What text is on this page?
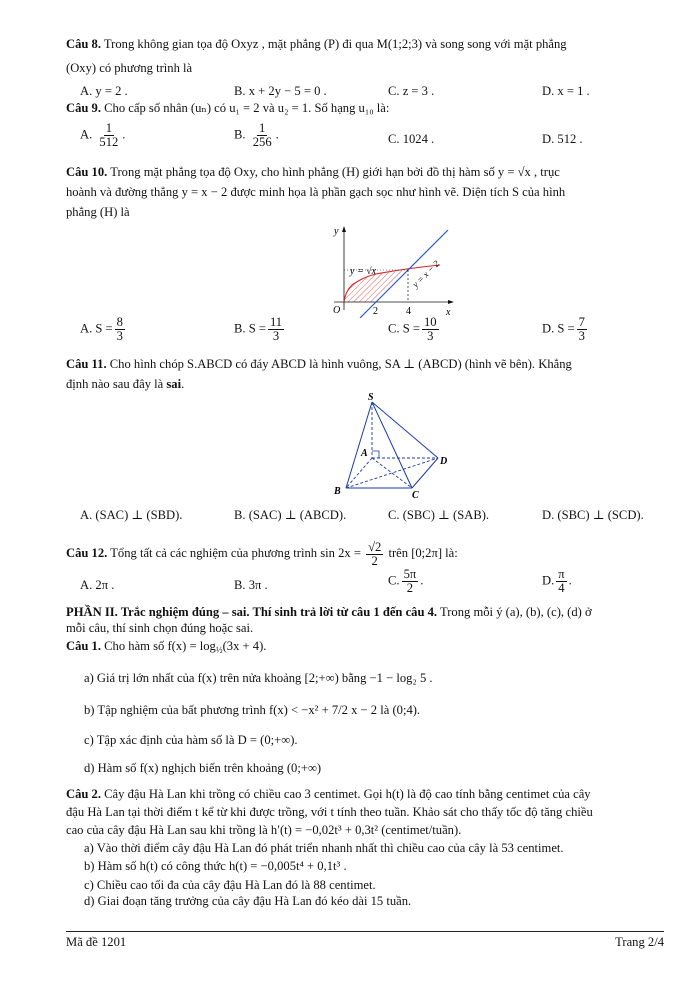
Câu 8. Trong không gian tọa độ Oxyz , mặt phẳng (P) đi qua M(1;2;3) và song song với mặt phẳng
(Oxy) có phương trình là
A. y = 2 .	B. x + 2y − 5 = 0 .	C. z = 3 .	D. x = 1 .
Câu 9. Cho cấp số nhân (uₙ) có u₁ = 2 và u₂ = 1. Số hạng u₁₀ là:
A. $\frac{1}{512}$ .	B. $\frac{1}{256}$ .	C. 1024 .	D. 512 .
Câu 10. Trong mặt phẳng tọa độ Oxy, cho hình phẳng (H) giới hạn bởi đồ thị hàm số y = √x , trục
hoành và đường thẳng y = x − 2 được minh họa là phần gạch sọc như hình vẽ. Diện tích S của hình
phẳng (H) là
y
x
O	2	4
y = √x	y = x − 2
A. $S = \frac{8}{3}$	B. $S = \frac{11}{3}$	C. $S = \frac{10}{3}$	D. $S = \frac{7}{3}$
Câu 11. Cho hình chóp S.ABCD có đáy ABCD là hình vuông, SA ⊥ (ABCD) (hình vẽ bên). Khẳng
định nào sau đây là sai.
S
A
B	C
D
A. (SAC) ⊥ (SBD).	B. (SAC) ⊥ (ABCD).	C. (SBC) ⊥ (SAB).	D. (SBC) ⊥ (SCD).
Câu 12. Tổng tất cả các nghiệm của phương trình $\sin 2x = \frac{√2}{2}$ trên [0;2π] là:
A. 2π .	B. 3π .	C. $\frac{5\pi}{2}$ .	D. $\frac{\pi}{4}$ .
PHẦN II. Trắc nghiệm đúng – sai. Thí sinh trả lời từ câu 1 đến câu 4. Trong mỗi ý (a), (b), (c), (d) ở
mỗi câu, thí sinh chọn đúng hoặc sai.
Câu 1. Cho hàm số $f(x) = \log_{\frac{1}{2}}(3x + 4)$.
a) Giá trị lớn nhất của f(x) trên nửa khoảng [2;+∞) bằng −1 − log₂ 5 .
b) Tập nghiệm của bất phương trình f(x) < −x² + 7/2 x − 2 là (0;4).
c) Tập xác định của hàm số là D = (0;+∞).
d) Hàm số f(x) nghịch biến trên khoảng (0;+∞)
Câu 2. Cây đậu Hà Lan khi trồng có chiều cao 3 centimet. Gọi h(t) là độ cao tính bằng centimet của cây
đậu Hà Lan tại thời điểm t kể từ khi được trồng, với t tính theo tuần. Khảo sát cho thấy tốc độ tăng chiều
cao của cây đậu Hà Lan sau khi trồng là h′(t) = −0,02t³ + 0,3t² (centimet/tuần).
a) Vào thời điểm cây đậu Hà Lan đó phát triển nhanh nhất thì chiều cao của cây là 53 centimet.
b) Hàm số h(t) có công thức h(t) = −0,005t⁴ + 0,1t³ .
c) Chiều cao tối đa của cây đậu Hà Lan đó là 88 centimet.
d) Giai đoạn tăng trưởng của cây đậu Hà Lan đó kéo dài 15 tuần.
Mã đề 1201	Trang 2/4
